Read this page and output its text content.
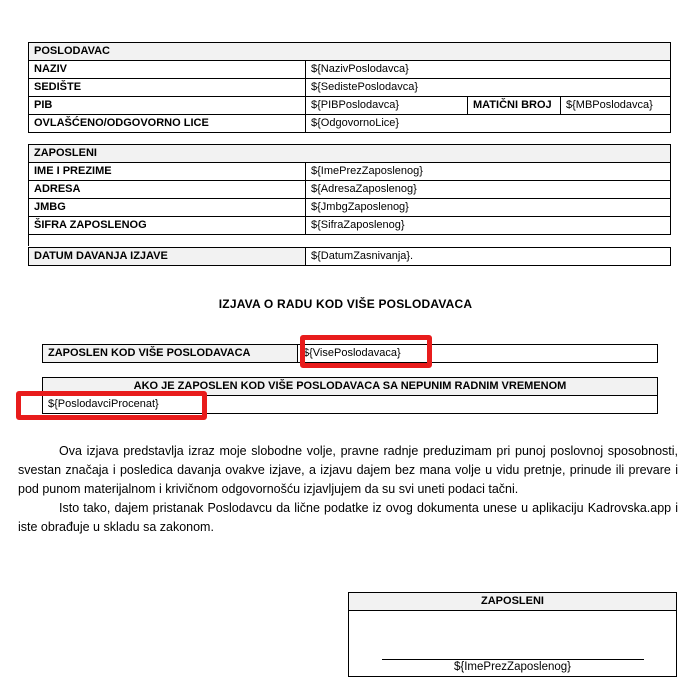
POSLODAVAC			
NAZIV	${NazivPoslodavca}		
SEDIŠTE	${SedistePoslodavca}		
PIB	${PIBPoslodavca}	MATIČNI BROJ	${MBPoslodavca}
OVLAŠĆENO/ODGOVORNO LICE	${OdgovornoLice}		
ZAPOSLENI	
IME I PREZIME	${ImePrezZaposlenog}
ADRESA	${AdresaZaposlenog}
JMBG	${JmbgZaposlenog}
ŠIFRA ZAPOSLENOG	${SifraZaposlenog}
DATUM DAVANJA IZJAVE	${DatumZasnivanja}.
IZJAVA O RADU KOD VIŠE POSLODAVACA
ZAPOSLEN KOD VIŠE POSLODAVACA	${VisePoslodavaca}
AKO JE ZAPOSLEN KOD VIŠE POSLODAVACA SA NEPUNIM RADNIM VREMENOM
${PoslodavciProcenat}

Ova izjava predstavlja izraz moje slobodne volje, pravne radnje preduzimam pri punoj poslovnoj sposobnosti, svestan značaja i posledica davanja ovakve izjave, a izjavu dajem bez mana volje u vidu pretnje, prinude ili prevare i pod punom materijalnom i krivičnom odgovornošću izjavljujem da su svi uneti podaci tačni.

Isto tako, dajem pristanak Poslodavcu da lične podatke iz ovog dokumenta unese u aplikaciju Kadrovska.app i iste obrađuje u skladu sa zakonom.

ZAPOSLENI

${ImePrezZaposlenog}
